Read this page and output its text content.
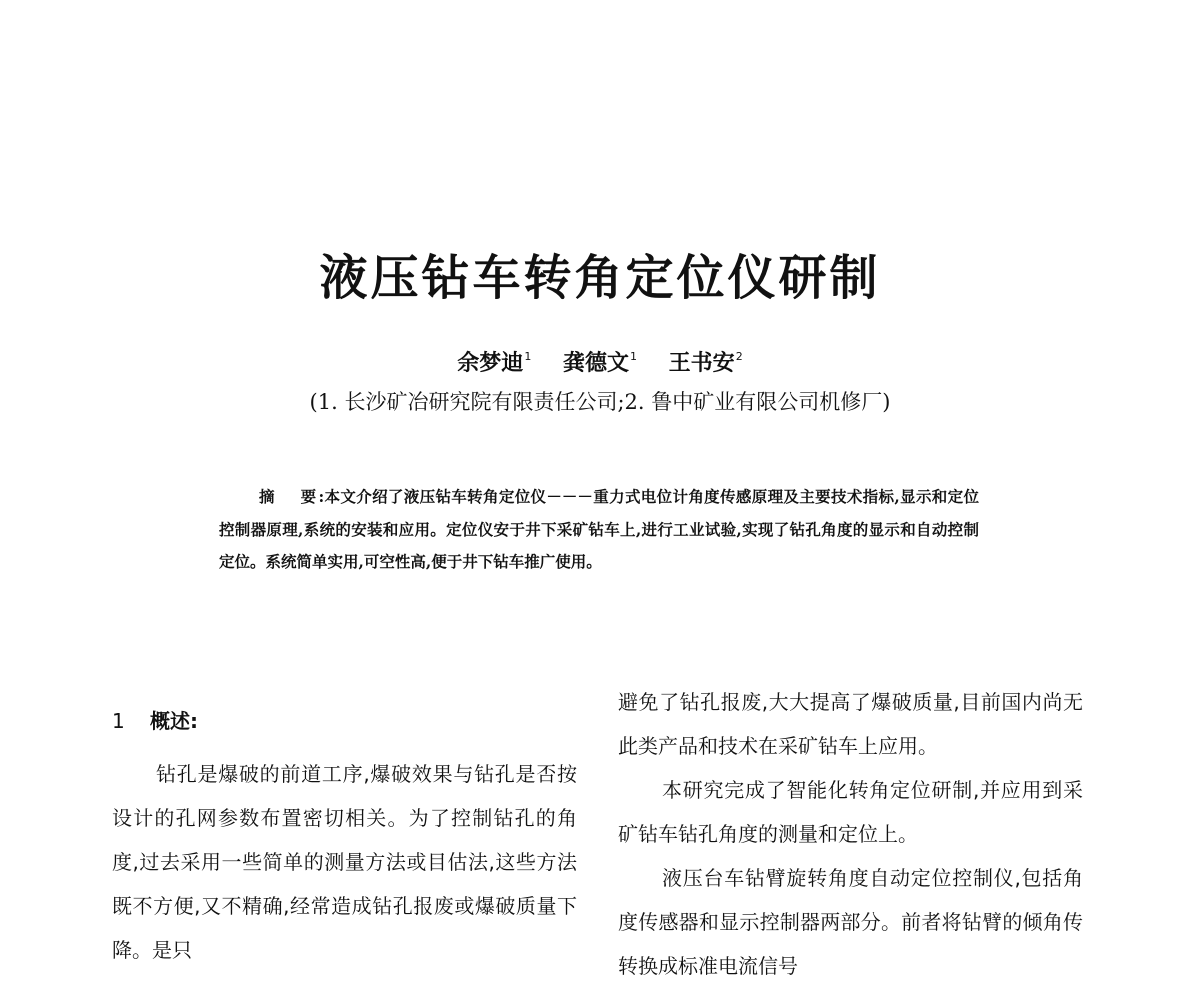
液压钻车转角定位仪研制
余梦迪$^1$ 龚德文$^1$ 王书安$^2$
(1. 长沙矿冶研究院有限责任公司;2. 鲁中矿业有限公司机修厂)
摘 要:本文介绍了液压钻车转角定位仪－－－重力式电位计角度传感原理及主要技术指标,显示和定位控制器原理,系统的安装和应用。定位仪安于井下采矿钻车上,进行工业试验,实现了钻孔角度的显示和自动控制定位。系统简单实用,可空性高,便于井下钻车推广使用。
1 概述:

钻孔是爆破的前道工序,爆破效果与钻孔是否按设计的孔网参数布置密切相关。为了控制钻孔的角度,过去采用一些简单的测量方法或目估法,这些方法既不方便,又不精确,经常造成钻孔报废或爆破质量下降。是只

避免了钻孔报废,大大提高了爆破质量,目前国内尚无此类产品和技术在采矿钻车上应用。

本研究完成了智能化转角定位研制,并应用到采矿钻车钻孔角度的测量和定位上。

液压台车钻臂旋转角度自动定位控制仪,包括角度传感器和显示控制器两部分。前者将钻臂的倾角传转换成标准电流信号
